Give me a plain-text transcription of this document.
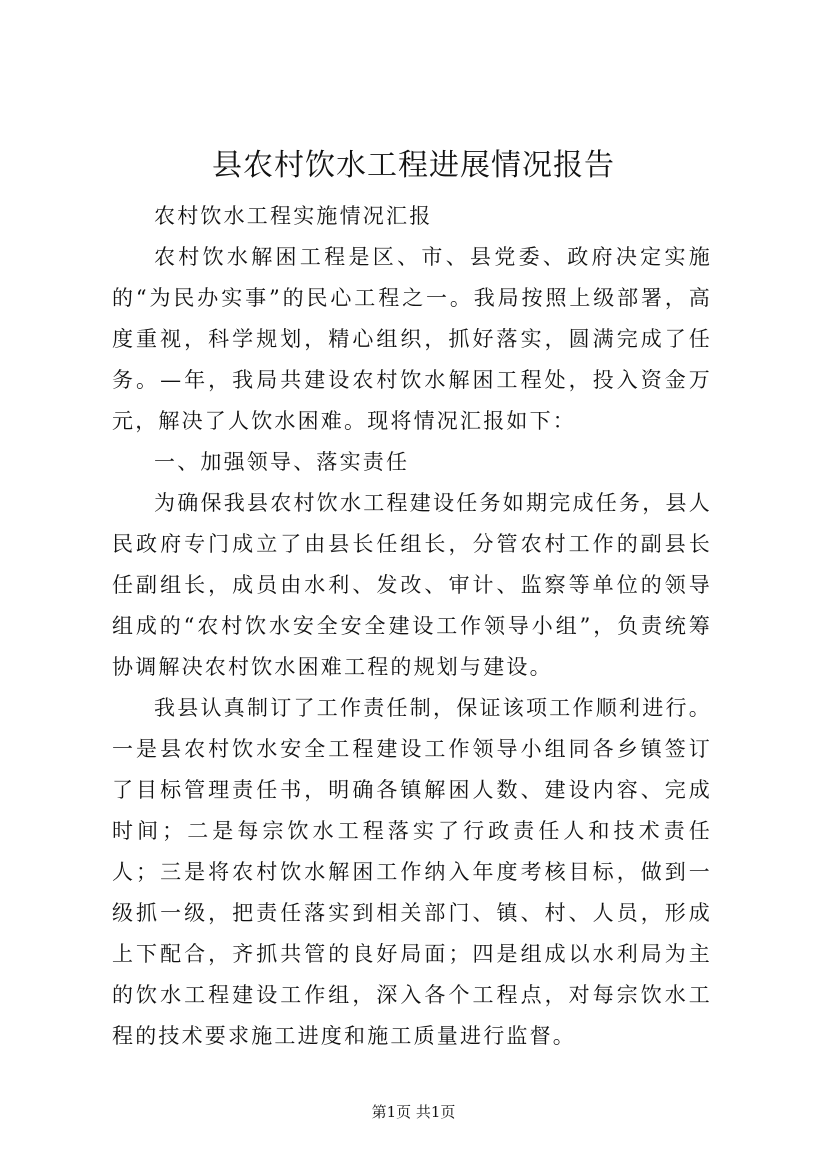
县农村饮水工程进展情况报告

农村饮水工程实施情况汇报

农村饮水解困工程是区、市、县党委、政府决定实施的“为民办实事”的民心工程之一。我局按照上级部署，高度重视，科学规划，精心组织，抓好落实，圆满完成了任务。—年，我局共建设农村饮水解困工程处，投入资金万元，解决了人饮水困难。现将情况汇报如下：

一、加强领导、落实责任

为确保我县农村饮水工程建设任务如期完成任务，县人民政府专门成立了由县长任组长，分管农村工作的副县长任副组长，成员由水利、发改、审计、监察等单位的领导组成的“农村饮水安全安全建设工作领导小组”，负责统筹协调解决农村饮水困难工程的规划与建设。

我县认真制订了工作责任制，保证该项工作顺利进行。一是县农村饮水安全工程建设工作领导小组同各乡镇签订了目标管理责任书，明确各镇解困人数、建设内容、完成时间；二是每宗饮水工程落实了行政责任人和技术责任人；三是将农村饮水解困工作纳入年度考核目标，做到一级抓一级，把责任落实到相关部门、镇、村、人员，形成上下配合，齐抓共管的良好局面；四是组成以水利局为主的饮水工程建设工作组，深入各个工程点，对每宗饮水工程的技术要求施工进度和施工质量进行监督。

第1页 共1页
